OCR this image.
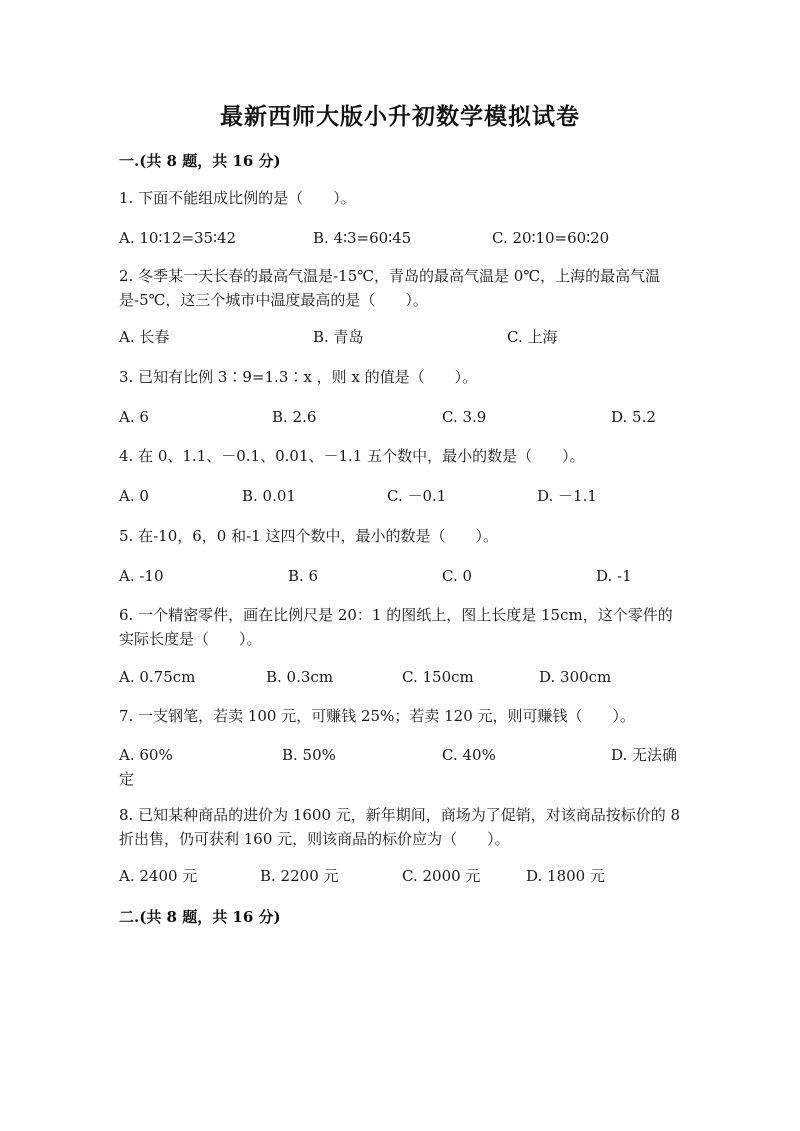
最新西师大版小升初数学模拟试卷
一.(共 8 题，共 16 分)
1. 下面不能组成比例的是（　　）。
A. 10∶12=35∶42	B. 4∶3=60∶45	C. 20∶10=60∶20
2. 冬季某一天长春的最高气温是-15℃，青岛的最高气温是 0℃，上海的最高气温是-5℃，这三个城市中温度最高的是（　　）。
A. 长春	B. 青岛	C. 上海
3. 已知有比例 3∶9=1.3∶x ，则 x 的值是（　　）。
A. 6	B. 2.6	C. 3.9	D. 5.2
4. 在 0、1.1、－0.1、0.01、－1.1 五个数中，最小的数是（　　）。
A. 0	B. 0.01	C. －0.1	D. －1.1
5. 在-10，6，0 和-1 这四个数中，最小的数是（　　）。
A. -10	B. 6	C. 0	D. -1
6. 一个精密零件，画在比例尺是 20：1 的图纸上，图上长度是 15cm，这个零件的实际长度是（　　）。
A. 0.75cm	B. 0.3cm	C. 150cm	D. 300cm
7. 一支钢笔，若卖 100 元，可赚钱 25%；若卖 120 元，则可赚钱（　　）。
A. 60%	B. 50%	C. 40%	D. 无法确定
8. 已知某种商品的进价为 1600 元，新年期间，商场为了促销，对该商品按标价的 8 折出售，仍可获利 160 元，则该商品的标价应为（　　）。
A. 2400 元	B. 2200 元	C. 2000 元	D. 1800 元
二.(共 8 题，共 16 分)
